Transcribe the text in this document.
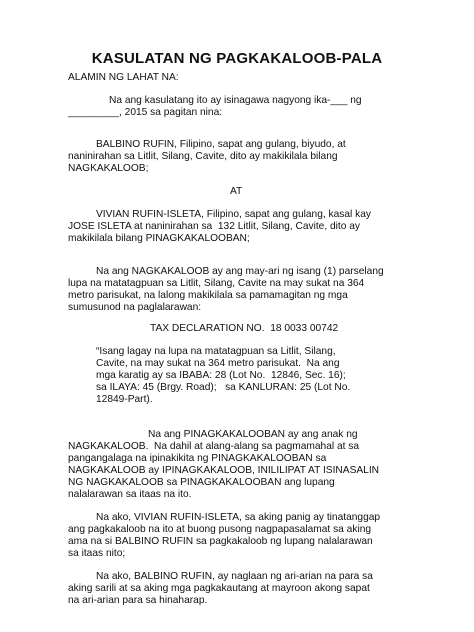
KASULATAN NG PAGKAKALOOB-PALA
ALAMIN NG LAHAT NA:
Na ang kasulatang ito ay isinagawa nagyong ika-___ ng
_________, 2015 sa pagitan nina:
BALBINO RUFIN, Filipino, sapat ang gulang, biyudo, at
naninirahan sa Litlit, Silang, Cavite, dito ay makikilala bilang
NAGKAKALOOB;
AT
VIVIAN RUFIN-ISLETA, Filipino, sapat ang gulang, kasal kay
JOSE ISLETA at naninirahan sa  132 Litlit, Silang, Cavite, dito ay
makikilala bilang PINAGKAKALOOBAN;
Na ang NAGKAKALOOB ay ang may-ari ng isang (1) parselang
lupa na matatagpuan sa Litlit, Silang, Cavite na may sukat na 364
metro parisukat, na lalong makikilala sa pamamagitan ng mga
sumusunod na paglalarawan:
TAX DECLARATION NO.  18 0033 00742
“Isang lagay na lupa na matatagpuan sa Litlit, Silang,
Cavite, na may sukat na 364 metro parisukat.  Na ang
mga karatig ay sa IBABA: 28 (Lot No.  12846, Sec. 16);
sa ILAYA: 45 (Brgy. Road);   sa KANLURAN: 25 (Lot No.
12849-Part).
Na ang PINAGKAKALOOBAN ay ang anak ng
NAGKAKALOOB.  Na dahil at alang-alang sa pagmamahal at sa
pangangalaga na ipinakikita ng PINAGKAKALOOBAN sa
NAGKAKALOOB ay IPINAGKAKALOOB, INILILIPAT AT ISINASALIN
NG NAGKAKALOOB sa PINAGKAKALOOBAN ang lupang
nalalarawan sa itaas na ito.
Na ako, VIVIAN RUFIN-ISLETA, sa aking panig ay tinatanggap
ang pagkakaloob na ito at buong pusong nagpapasalamat sa aking
ama na si BALBINO RUFIN sa pagkakaloob ng lupang nalalarawan
sa itaas nito;
Na ako, BALBINO RUFIN, ay naglaan ng ari-arian na para sa
aking sarili at sa aking mga pagkakautang at mayroon akong sapat
na ari-arian para sa hinaharap.
